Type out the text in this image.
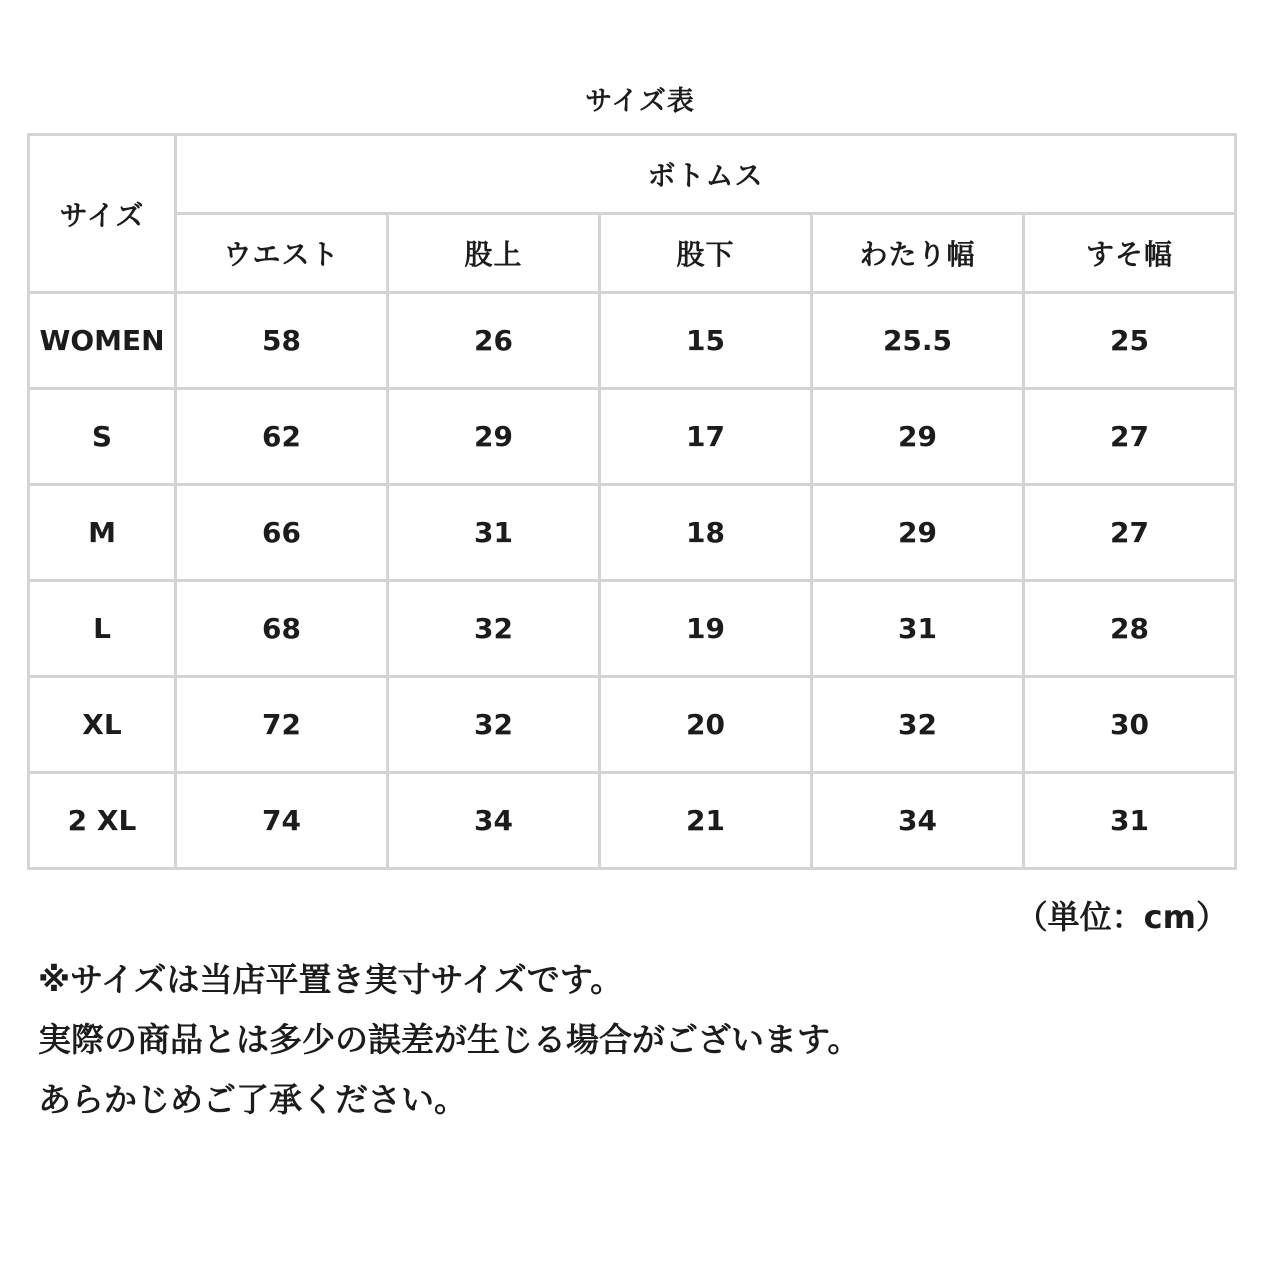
サイズ表
サイズ	ボトムス				
	ウエスト	股上	股下	わたり幅	すそ幅
WOMEN	58	26	15	25.5	25
S	62	29	17	29	27
M	66	31	18	29	27
L	68	32	19	31	28
XL	72	32	20	32	30
2 XL	74	34	21	34	31
（単位：cm）
※サイズは当店平置き実寸サイズです。
実際の商品とは多少の誤差が生じる場合がございます。
あらかじめご了承ください。
